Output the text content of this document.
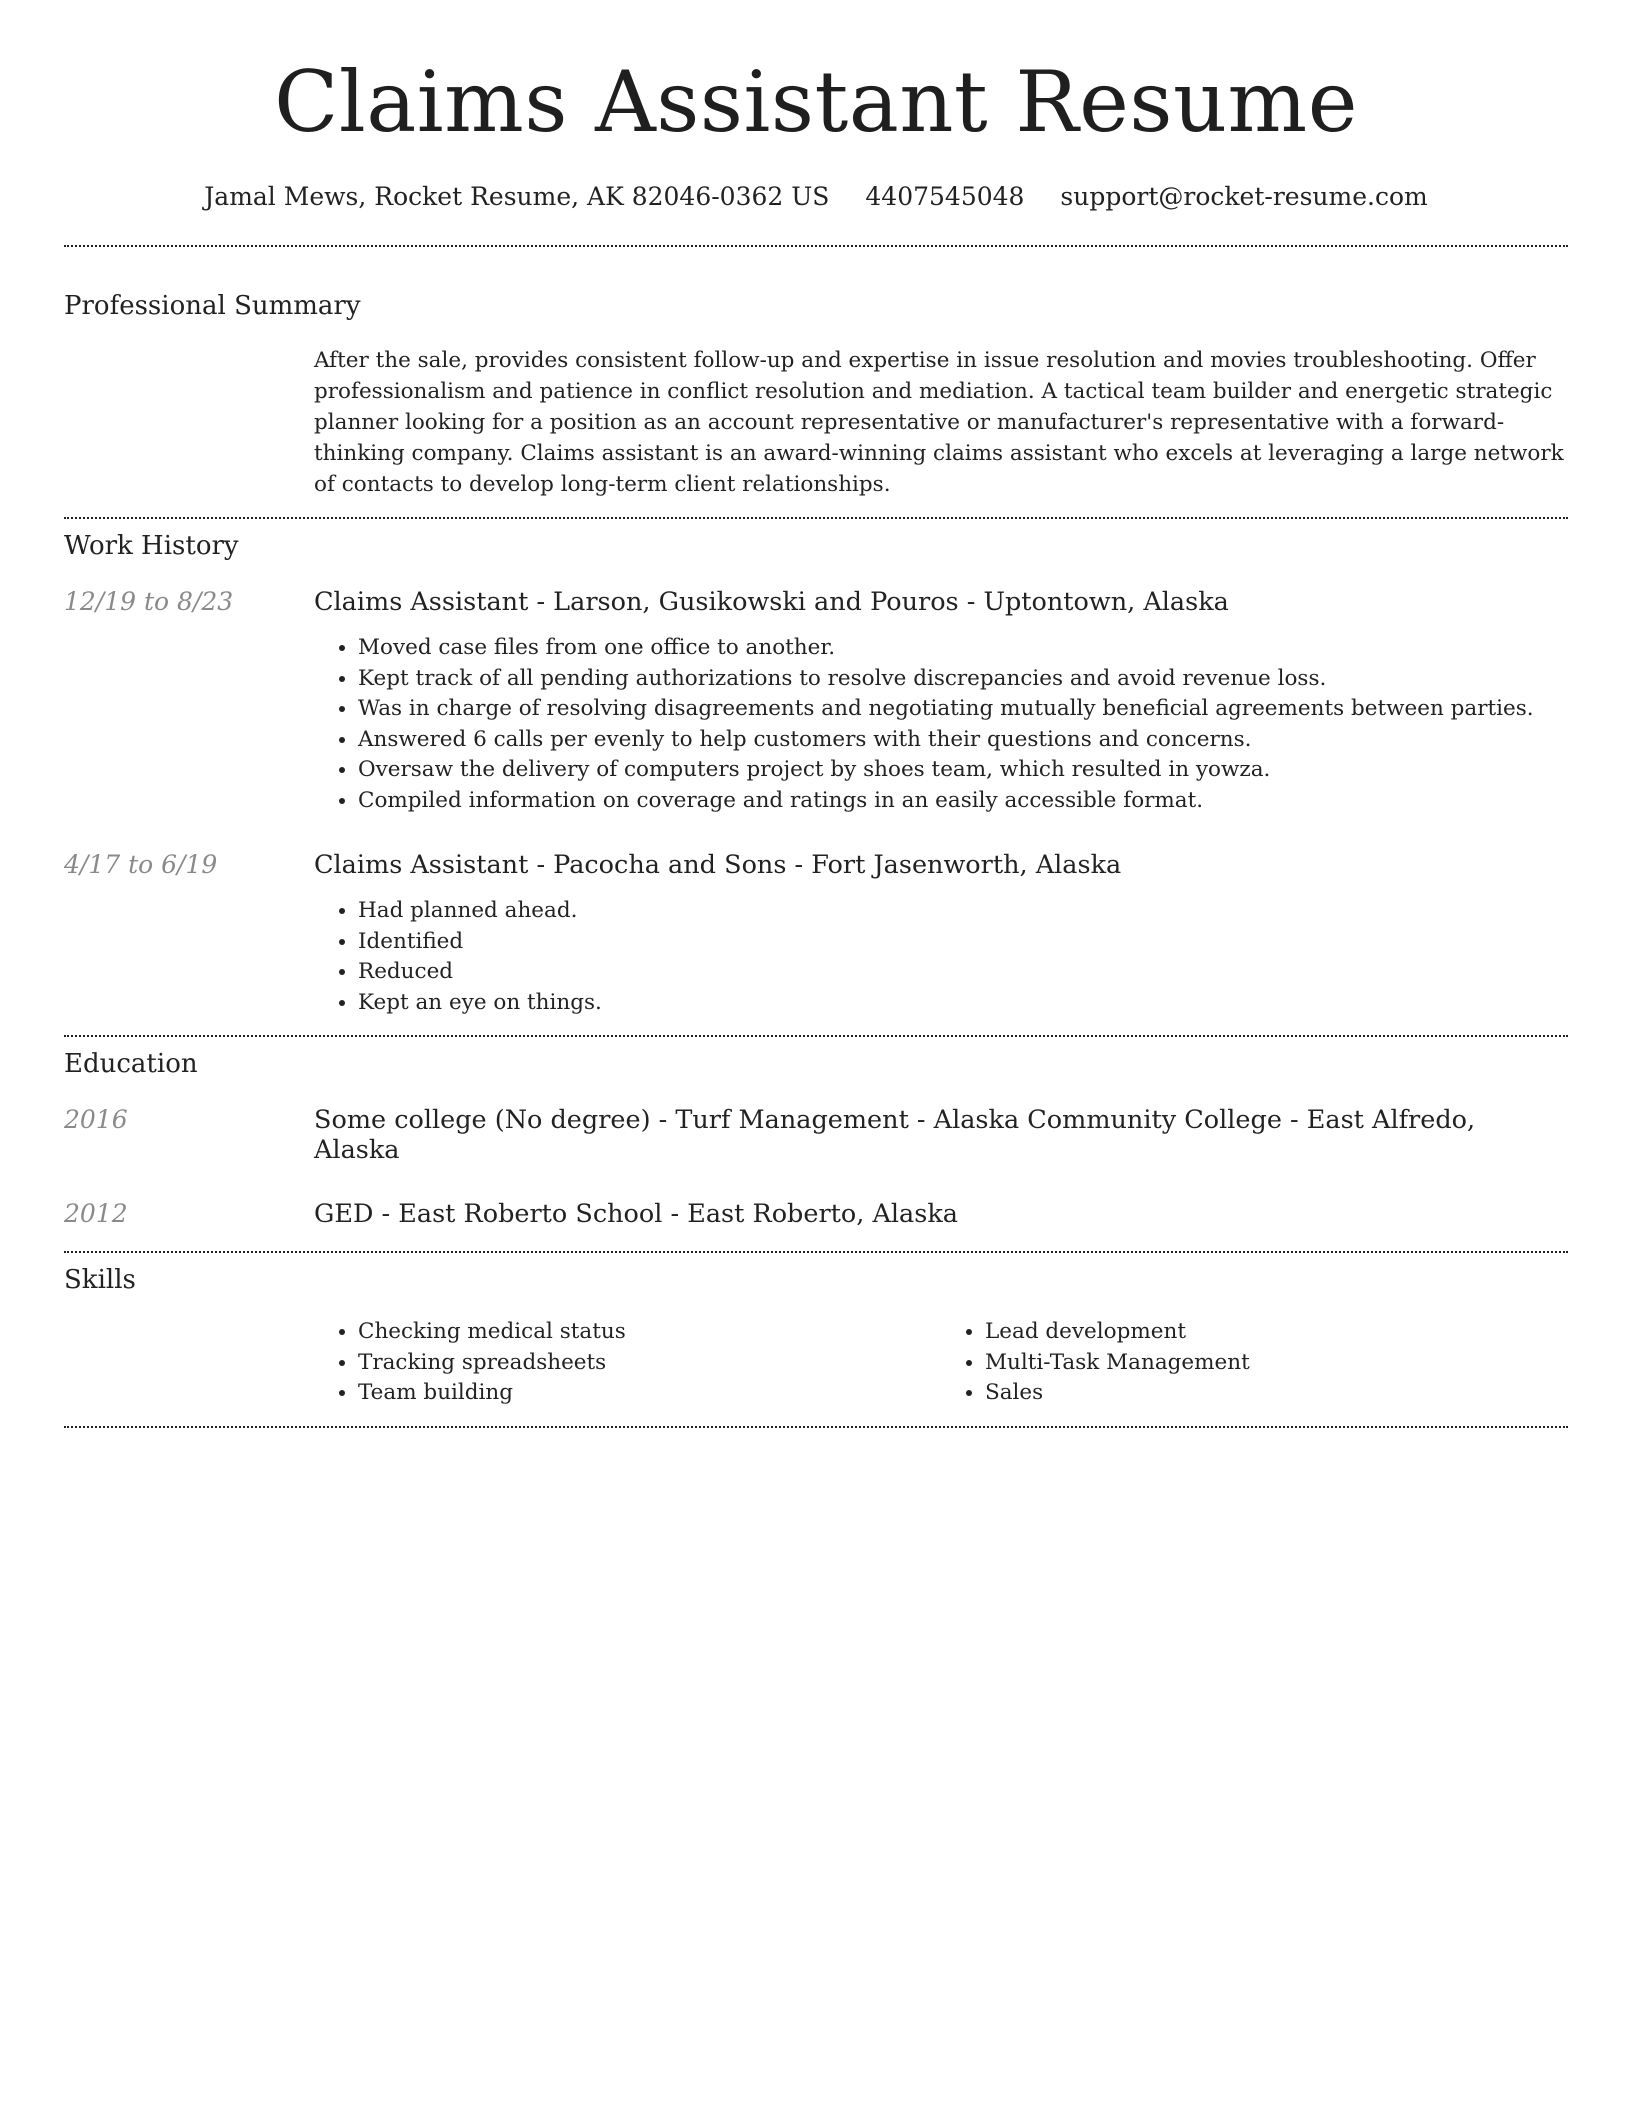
Claims Assistant Resume
Jamal Mews, Rocket Resume, AK 82046-0362 US 4407545048 support@rocket-resume.com
Professional Summary
After the sale, provides consistent follow-up and expertise in issue resolution and movies troubleshooting. Offer professionalism and patience in conflict resolution and mediation. A tactical team builder and energetic strategic planner looking for a position as an account representative or manufacturer's representative with a forward-thinking company. Claims assistant is an award-winning claims assistant who excels at leveraging a large network of contacts to develop long-term client relationships.
Work History
12/19 to 8/23	Claims Assistant - Larson, Gusikowski and Pouros - Uptontown, Alaska
• Moved case files from one office to another.
• Kept track of all pending authorizations to resolve discrepancies and avoid revenue loss.
• Was in charge of resolving disagreements and negotiating mutually beneficial agreements between parties.
• Answered 6 calls per evenly to help customers with their questions and concerns.
• Oversaw the delivery of computers project by shoes team, which resulted in yowza.
• Compiled information on coverage and ratings in an easily accessible format.
4/17 to 6/19	Claims Assistant - Pacocha and Sons - Fort Jasenworth, Alaska
• Had planned ahead.
• Identified
• Reduced
• Kept an eye on things.
Education
2016	Some college (No degree) - Turf Management - Alaska Community College - East Alfredo, Alaska
2012	GED - East Roberto School - East Roberto, Alaska
Skills
• Checking medical status
• Tracking spreadsheets
• Team building
• Lead development
• Multi-Task Management
• Sales
